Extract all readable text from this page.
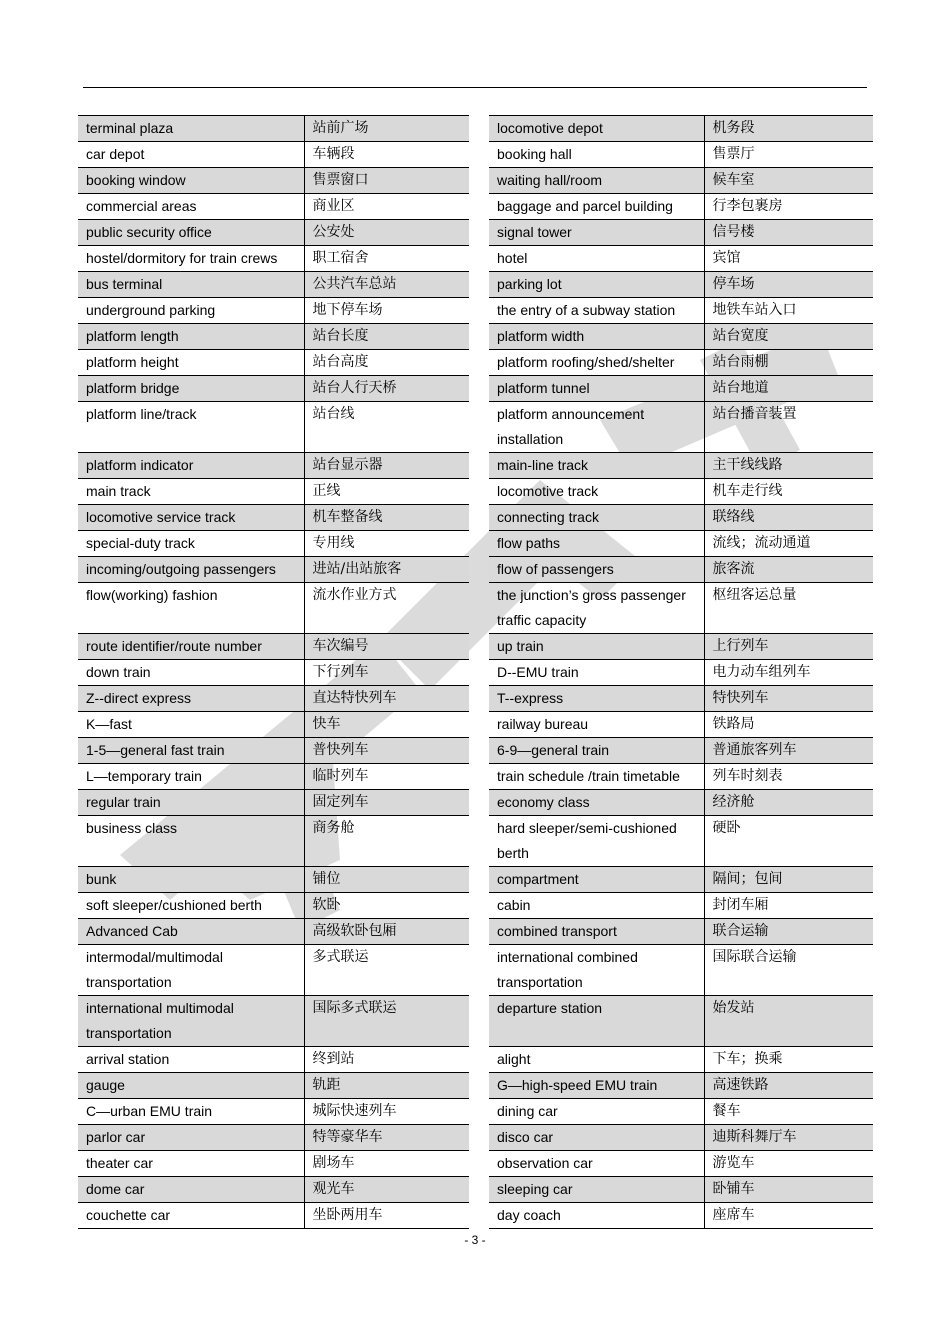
terminal plaza	站前广场

car depot	车辆段

booking window	售票窗口

commercial areas	商业区

public security office	公安处

hostel/dormitory for train crews	职工宿舍

bus terminal	公共汽车总站

underground parking	地下停车场

platform length	站台长度

platform height	站台高度

platform bridge	站台人行天桥

platform line/track	站台线

platform indicator	站台显示器

main track	正线

locomotive service track	机车整备线

special-duty track	专用线

incoming/outgoing passengers	进站/出站旅客

flow(working) fashion	流水作业方式

route identifier/route number	车次编号

down train	下行列车

Z--direct express	直达特快列车

K—fast	快车

1-5—general fast train	普快列车

L—temporary train	临时列车

regular train	固定列车

business class	商务舱

bunk	铺位

soft sleeper/cushioned berth	软卧

Advanced Cab	高级软卧包厢

intermodal/multimodal
transportation	多式联运

international multimodal
transportation	国际多式联运

arrival station	终到站

gauge	轨距

C—urban EMU train	城际快速列车

parlor car	特等豪华车

theater car	剧场车

dome car	观光车

couchette car	坐卧两用车
locomotive depot	机务段

booking hall	售票厅

waiting hall/room	候车室

baggage and parcel building	行李包裹房

signal tower	信号楼

hotel	宾馆

parking lot	停车场

the entry of a subway station	地铁车站入口

platform width	站台宽度

platform roofing/shed/shelter	站台雨棚

platform tunnel	站台地道

platform announcement
installation	站台播音装置

main-line track	主干线线路

locomotive track	机车走行线

connecting track	联络线

flow paths	流线；流动通道

flow of passengers	旅客流

the junction’s gross passenger
traffic capacity	枢纽客运总量

up train	上行列车

D--EMU train	电力动车组列车

T--express	特快列车

railway bureau	铁路局

6-9—general train	普通旅客列车

train schedule /train timetable	列车时刻表

economy class	经济舱

hard sleeper/semi-cushioned
berth	硬卧

compartment	隔间；包间

cabin	封闭车厢

combined transport	联合运输

international combined
transportation	国际联合运输

departure station	始发站

alight	下车；换乘

G—high-speed EMU train	高速铁路

dining car	餐车

disco car	迪斯科舞厅车

observation car	游览车

sleeping car	卧铺车

day coach	座席车
- 3 -
